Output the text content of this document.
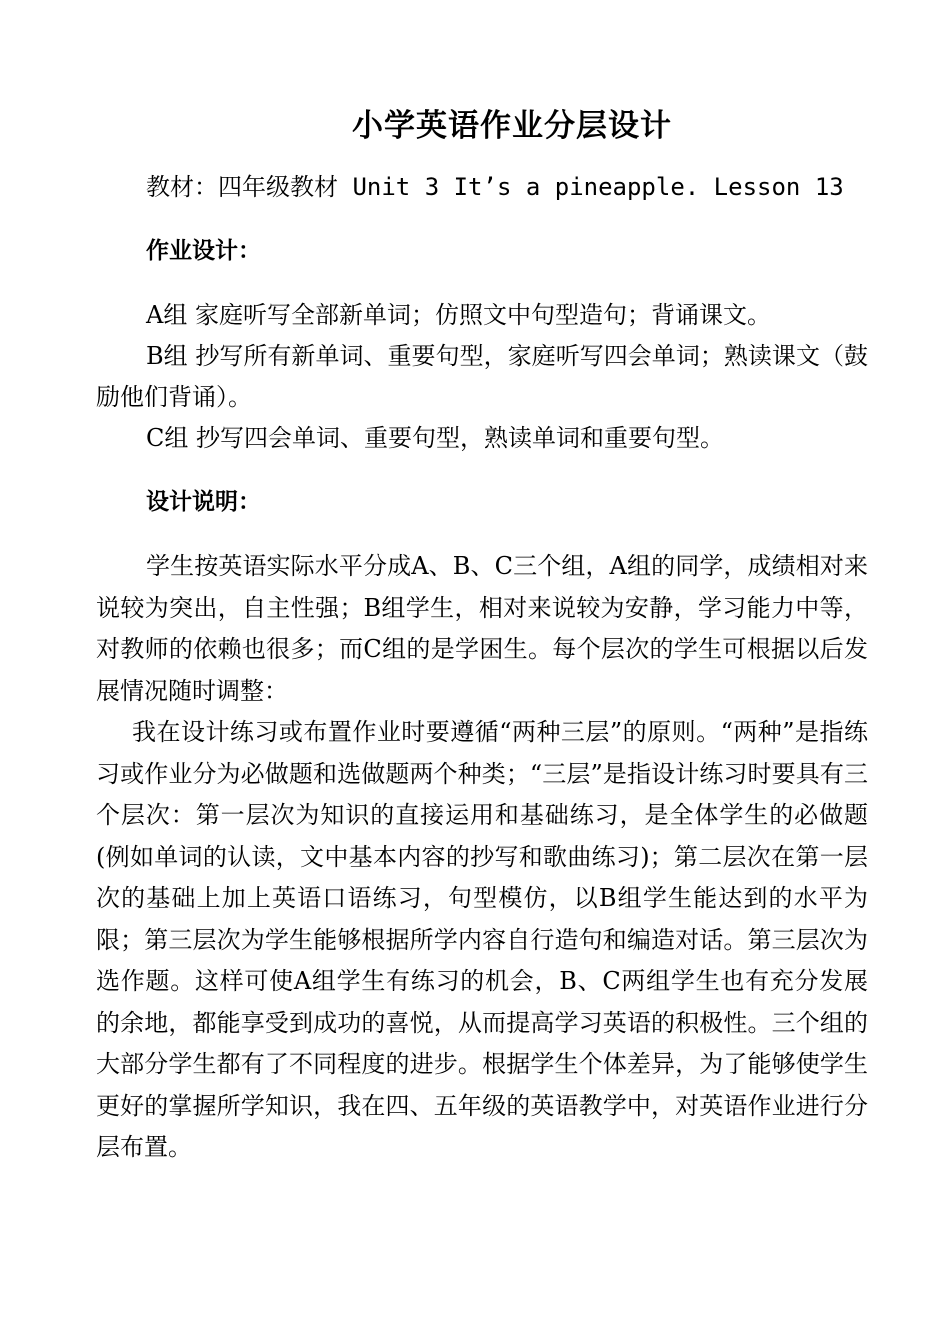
小学英语作业分层设计

教材：四年级教材 Unit 3 It’s a pineapple. Lesson 13

作业设计：

A组 家庭听写全部新单词；仿照文中句型造句；背诵课文。

B组 抄写所有新单词、重要句型，家庭听写四会单词；熟读课文（鼓励他们背诵）。

C组 抄写四会单词、重要句型，熟读单词和重要句型。

设计说明：

学生按英语实际水平分成A、B、C三个组，A组的同学，成绩相对来说较为突出，自主性强；B组学生，相对来说较为安静，学习能力中等，对教师的依赖也很多；而C组的是学困生。每个层次的学生可根据以后发展情况随时调整：

我在设计练习或布置作业时要遵循“两种三层”的原则。“两种”是指练习或作业分为必做题和选做题两个种类；“三层”是指设计练习时要具有三个层次：第一层次为知识的直接运用和基础练习，是全体学生的必做题(例如单词的认读，文中基本内容的抄写和歌曲练习)；第二层次在第一层次的基础上加上英语口语练习，句型模仿，以B组学生能达到的水平为限；第三层次为学生能够根据所学内容自行造句和编造对话。第三层次为选作题。这样可使A组学生有练习的机会，B、C两组学生也有充分发展的余地，都能享受到成功的喜悦，从而提高学习英语的积极性。三个组的大部分学生都有了不同程度的进步。根据学生个体差异，为了能够使学生更好的掌握所学知识，我在四、五年级的英语教学中，对英语作业进行分层布置。
